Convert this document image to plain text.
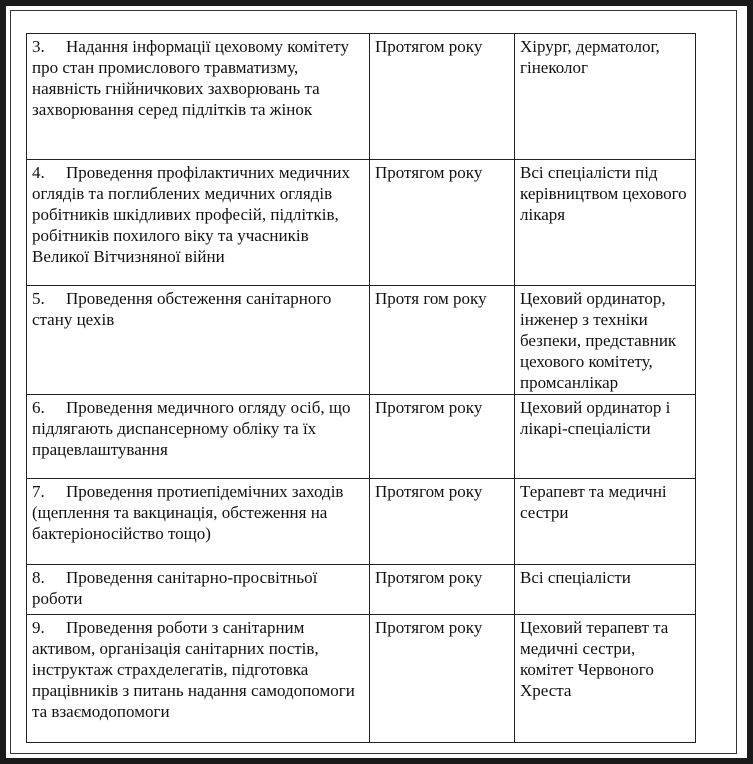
3. Надання інформації цеховому комітету про стан промислового травматизму, наявність гнійничкових захворювань та захворювання серед підлітків та жінок	Протягом року	Хірург, дерматолог, гінеколог
4. Проведення профілактичних медичних оглядів та поглиблених медичних оглядів робітників шкідливих професій, підлітків, робітників похилого віку та учасників Великої Вітчизняної війни	Протягом року	Всі спеціалісти під керівництвом цехового лікаря
5. Проведення обстеження санітарного стану цехів	Протя гом року	Цеховий ординатор, інженер з техніки безпеки, представник цехового комітету, промсанлікар
6. Проведення медичного огляду осіб, що підлягають диспансерному обліку та їх працевлаштування	Протягом року	Цеховий ординатор і лікарі-спеціалісти
7. Проведення протиепідемічних заходів (щеплення та вакцинація, обстеження на бактеріоносійство тощо)	Протягом року	Терапевт та медичні сестри
8. Проведення санітарно-просвітньої роботи	Протягом року	Всі спеціалісти
9. Проведення роботи з санітарним активом, організація санітарних постів, інструктаж страхделегатів, підготовка працівників з питань надання самодопомоги та взаємодопомоги	Протягом року	Цеховий терапевт та медичні сестри, комітет Червоного Хреста
